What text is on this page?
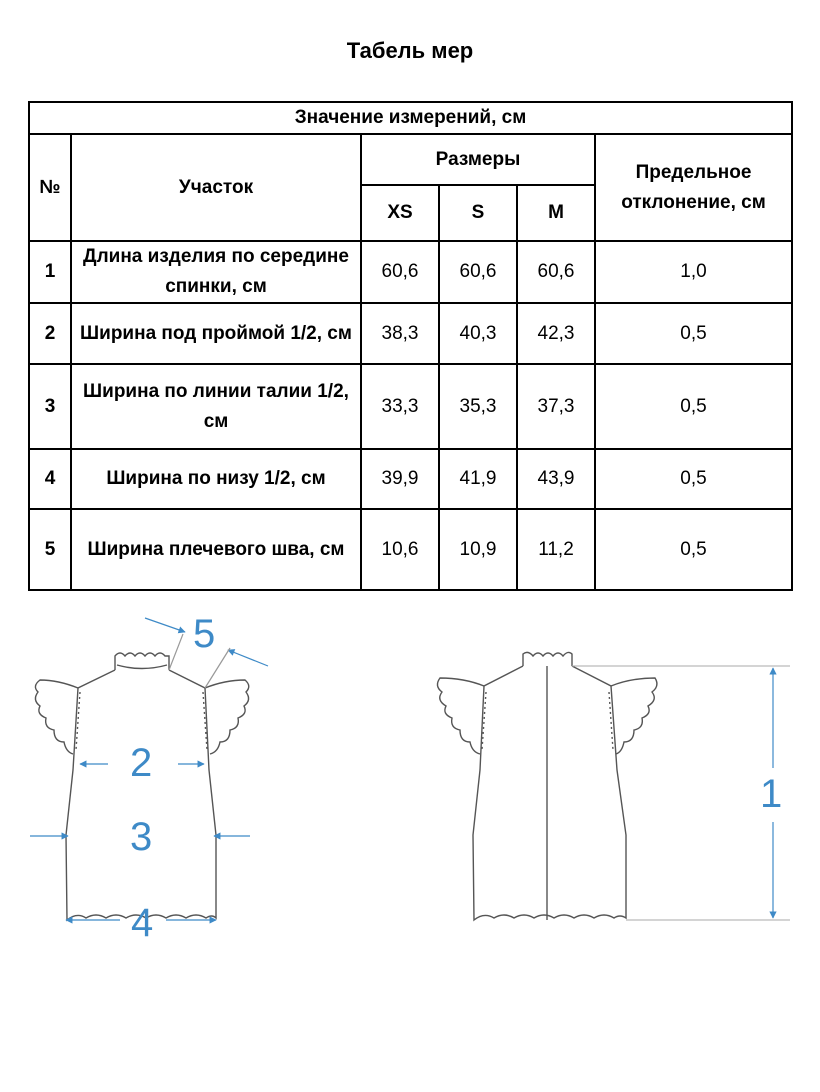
Табель мер
Значение измерений, см					
№	Участок	Размеры			Предельное отклонение, см
		XS	S	M	
1	Длина изделия по середине спинки, см	60,6	60,6	60,6	1,0
2	Ширина под проймой 1/2, см	38,3	40,3	42,3	0,5
3	Ширина по линии талии 1/2, см	33,3	35,3	37,3	0,5
4	Ширина по низу 1/2, см	39,9	41,9	43,9	0,5
5	Ширина плечевого шва, см	10,6	10,9	11,2	0,5
5
2
3
4
1
